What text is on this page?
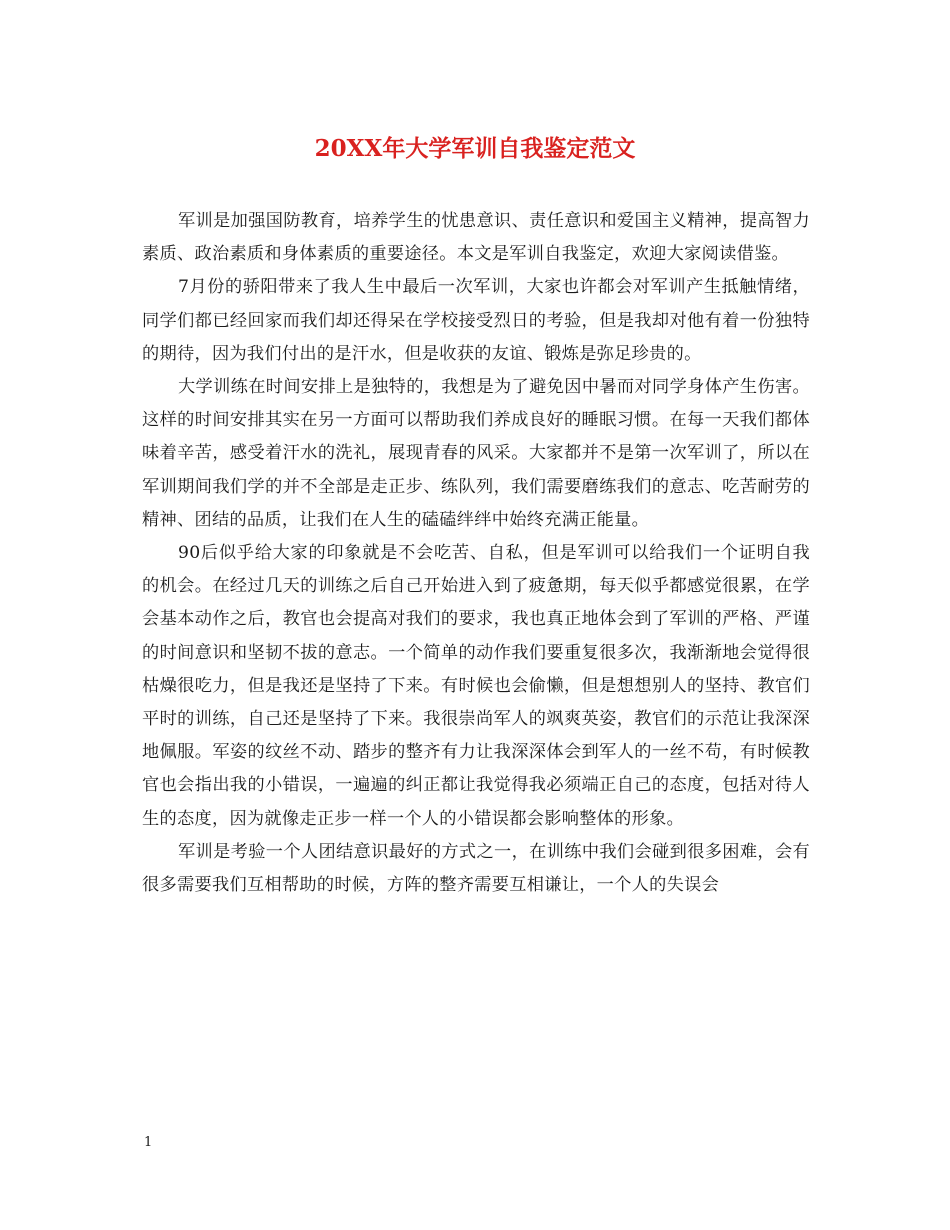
20XX年大学军训自我鉴定范文

军训是加强国防教育，培养学生的忧患意识、责任意识和爱国主义精神，提高智力素质、政治素质和身体素质的重要途径。本文是军训自我鉴定，欢迎大家阅读借鉴。

7月份的骄阳带来了我人生中最后一次军训，大家也许都会对军训产生抵触情绪，同学们都已经回家而我们却还得呆在学校接受烈日的考验，但是我却对他有着一份独特的期待，因为我们付出的是汗水，但是收获的友谊、锻炼是弥足珍贵的。

大学训练在时间安排上是独特的，我想是为了避免因中暑而对同学身体产生伤害。这样的时间安排其实在另一方面可以帮助我们养成良好的睡眠习惯。在每一天我们都体味着辛苦，感受着汗水的洗礼，展现青春的风采。大家都并不是第一次军训了，所以在军训期间我们学的并不全部是走正步、练队列，我们需要磨练我们的意志、吃苦耐劳的精神、团结的品质，让我们在人生的磕磕绊绊中始终充满正能量。

90后似乎给大家的印象就是不会吃苦、自私，但是军训可以给我们一个证明自我的机会。在经过几天的训练之后自己开始进入到了疲惫期，每天似乎都感觉很累，在学会基本动作之后，教官也会提高对我们的要求，我也真正地体会到了军训的严格、严谨的时间意识和坚韧不拔的意志。一个简单的动作我们要重复很多次，我渐渐地会觉得很枯燥很吃力，但是我还是坚持了下来。有时候也会偷懒，但是想想别人的坚持、教官们平时的训练，自己还是坚持了下来。我很崇尚军人的飒爽英姿，教官们的示范让我深深地佩服。军姿的纹丝不动、踏步的整齐有力让我深深体会到军人的一丝不苟，有时候教官也会指出我的小错误，一遍遍的纠正都让我觉得我必须端正自己的态度，包括对待人生的态度，因为就像走正步一样一个人的小错误都会影响整体的形象。

军训是考验一个人团结意识最好的方式之一，在训练中我们会碰到很多困难，会有很多需要我们互相帮助的时候，方阵的整齐需要互相谦让，一个人的失误会

1
